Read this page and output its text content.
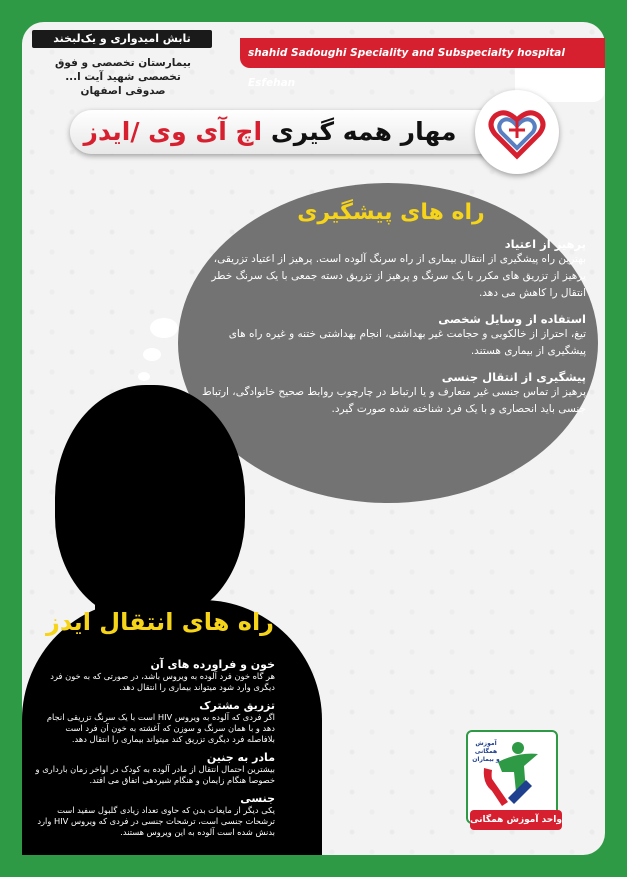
تابش امیدواری و یک‌لبخند
بیمارستان تخصصی و فوق تخصصی شهید آیت ا... صدوقی اصفهان
shahid Sadoughi Speciality and Subspecialty hospital Esfehan
مهار همه گیری اچ آی وی /ایدز
راه های پیشگیری
پرهیز از اعتیاد
بهترین راه پیشگیری از انتقال بیماری از راه سرنگ آلوده است. پرهیز از اعتیاد تزریقی، پرهیز از تزریق های مکرر با یک سرنگ و پرهیز از تزریق دسته جمعی با یک سرنگ خطر انتقال را کاهش می دهد.
استفاده از وسایل شخصی
تیغ، احتراز از خالکوبی و حجامت غیر بهداشتی، انجام بهداشتی ختنه و غیره راه های پیشگیری از بیماری هستند.
پیشگیری از انتقال جنسی
پرهیز از تماس جنسی غیر متعارف و یا ارتباط در چارچوب روابط صحیح خانوادگی، ارتباط جنسی باید انحصاری و با یک فرد شناخته شده صورت گیرد.
راه های انتقال ایدز
خون و فراورده های آن
هر گاه خون فرد آلوده به ویروس باشد، در صورتی که به خون فرد دیگری وارد شود میتواند بیماری را انتقال دهد.
تزریق مشترک
اگر فردی که آلوده به ویروس HIV است با یک سرنگ تزریقی انجام دهد و با همان سرنگ و سوزن که آغشته به خون آن فرد است بلافاصله فرد دیگری تزریق کند میتواند بیماری را انتقال دهد.
مادر به جنین
بیشترین احتمال انتقال از مادر آلوده به کودک در اواخر زمان بارداری و خصوصا هنگام زایمان و هنگام شیردهی اتفاق می افتد.
جنسی
یکی دیگر از مایعات بدن که حاوی تعداد زیادی گلبول سفید است ترشحات جنسی است، ترشحات جنسی در فردی که ویروس HIV وارد بدنش شده است آلوده به این ویروس هستند.
آموزش همگانی و بیماران
واحد آموزش همگانی
